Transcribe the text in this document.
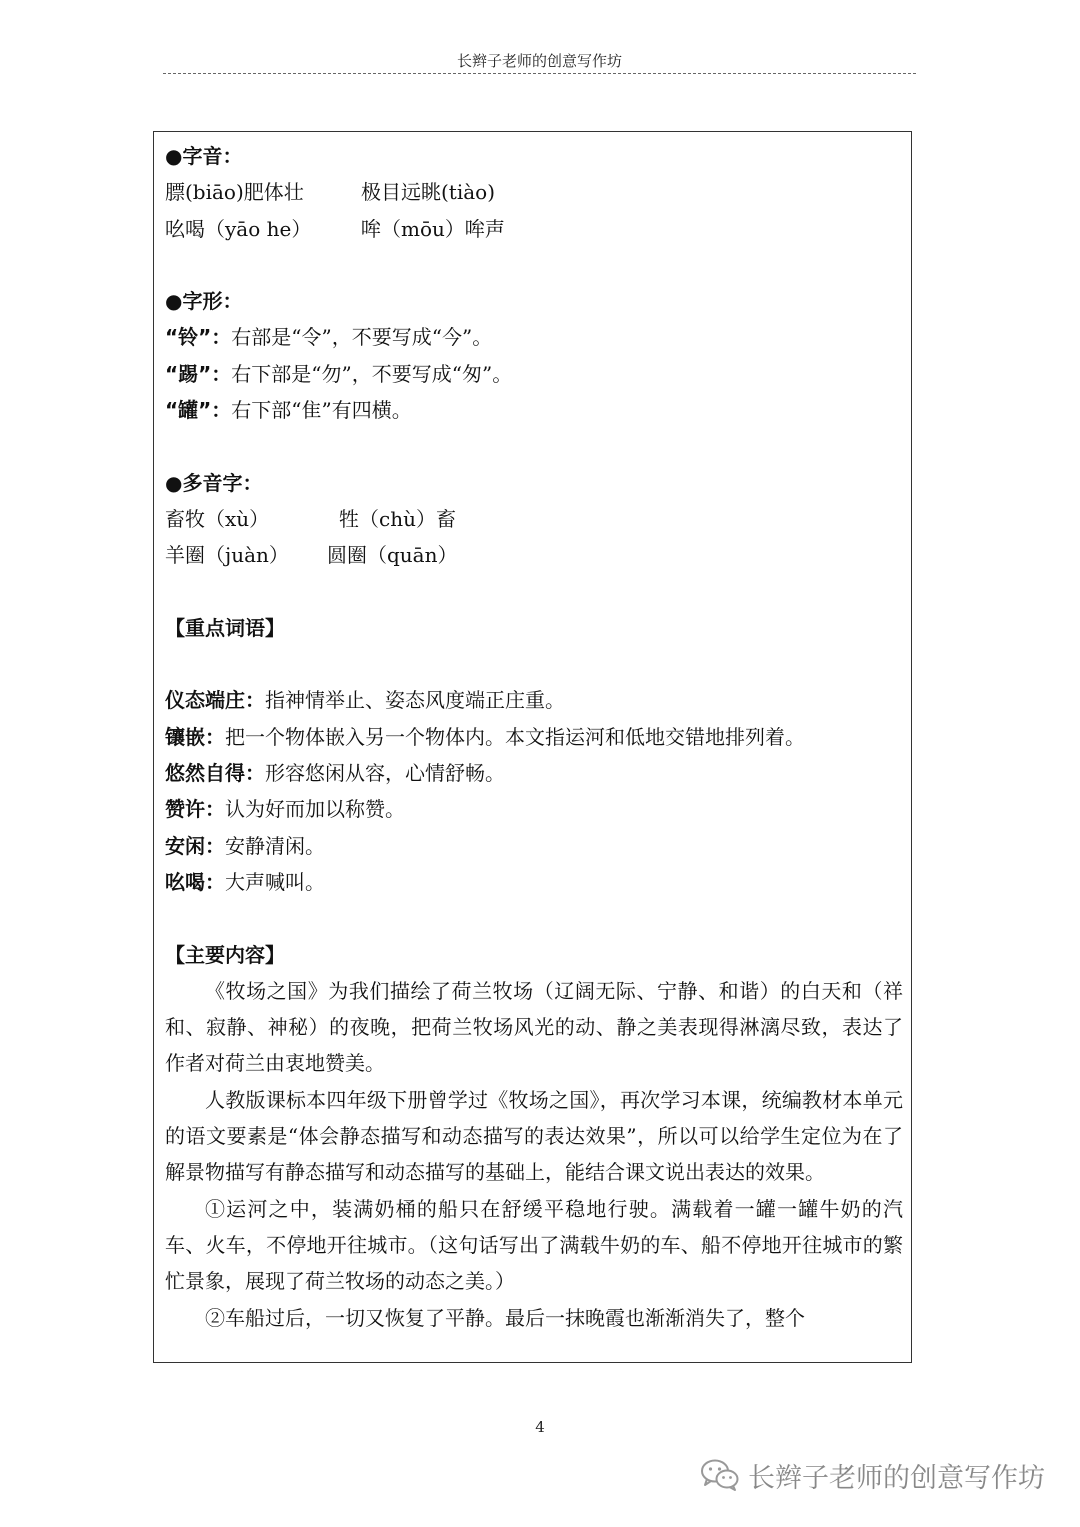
长辫子老师的创意写作坊
●字音：
膘(biāo)肥体壮	极目远眺(tiào)
吆喝（yāo he） 哞（mōu）哞声
●字形：
“铃”：右部是“令”，不要写成“今”。
“踢”：右下部是“勿”，不要写成“匆”。
“罐”：右下部“隹”有四横。
●多音字：
畜牧（xù）	牲（chù）畜
羊圈（juàn） 圆圈（quān）
【重点词语】
仪态端庄：指神情举止、姿态风度端正庄重。
镶嵌：把一个物体嵌入另一个物体内。本文指运河和低地交错地排列着。
悠然自得：形容悠闲从容，心情舒畅。
赞许：认为好而加以称赞。
安闲：安静清闲。
吆喝：大声喊叫。
【主要内容】

《牧场之国》为我们描绘了荷兰牧场（辽阔无际、宁静、和谐）的白天和（祥和、寂静、神秘）的夜晚，把荷兰牧场风光的动、静之美表现得淋漓尽致，表达了作者对荷兰由衷地赞美。

人教版课标本四年级下册曾学过《牧场之国》，再次学习本课，统编教材本单元的语文要素是“体会静态描写和动态描写的表达效果”，所以可以给学生定位为在了解景物描写有静态描写和动态描写的基础上，能结合课文说出表达的效果。

①运河之中，装满奶桶的船只在舒缓平稳地行驶。满载着一罐一罐牛奶的汽车、火车，不停地开往城市。（这句话写出了满载牛奶的车、船不停地开往城市的繁忙景象，展现了荷兰牧场的动态之美。）

②车船过后，一切又恢复了平静。最后一抹晚霞也渐渐消失了，整个

4
长辫子老师的创意写作坊
